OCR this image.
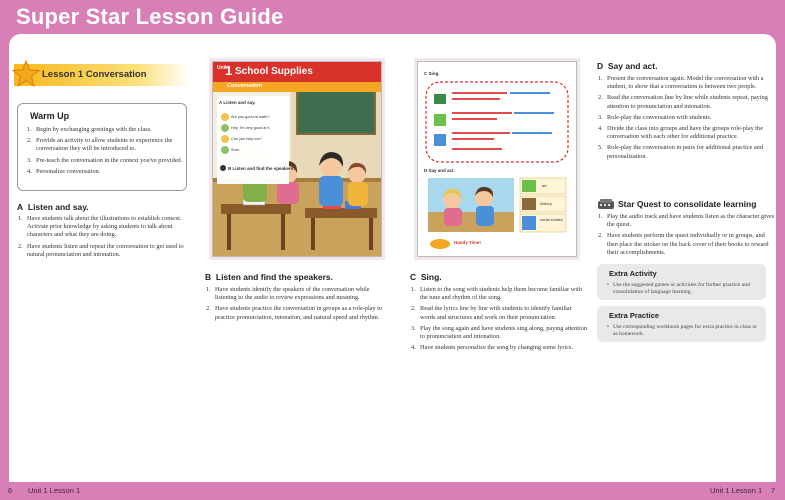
Super Star Lesson Guide
Lesson 1 Conversation
Warm Up
1. Begin by exchanging greetings with the class.
2. Provide an activity to allow students to experience the conversation they will be introduced to.
3. Pre-teach the conversation in the context you've provided.
4. Personalize conversation.
A Listen and say.
1. Have students talk about the illustrations to establish context. Activate prior knowledge by asking students to talk about characters and what they are doing.
2. Have students listen and repeat the conversation to get used to natural pronunciation and intonation.
Unit
1 School Supplies
Conversation
A Listen and say.
Are you good at math?
Hey, I'm very good at it.
Can you help me?
Sure.
B Listen and find the speakers.
B Listen and find the speakers.
1. Have students identify the speakers of the conversation while listening to the audio to review expressions and meaning.
2. Have students practice the conversation in groups as a role-play to practice pronunciation, intonation, and natural speed and rhythm.
C Sing.
D Say and act.
art
history
social studies
Handy Time!
C Sing.
1. Listen to the song with students help them become familiar with the tune and rhythm of the song.
2. Read the lyrics line by line with students to identify familiar words and structures and work on their pronunciation.
3. Play the song again and have students sing along, paying attention to pronunciation and intonation.
4. Have students personalize the song by changing some lyrics.
D Say and act.
1. Present the conversation again. Model the conversation with a student, to show that a conversation is between two people.
2. Read the conversation line by line while students repeat, paying attention to pronunciation and intonation.
3. Role-play the conversation with students.
4. Divide the class into groups and have the groups role-play the conversation with each other for additional practice.
5. Role-play the conversation in pairs for additional practice and personalization.
Star Quest to consolidate learning
1. Play the audio track and have students listen as the character gives the quest.
2. Have students perform the quest individually or in groups, and then place the sticker on the back cover of their books to reward their accomplishments.
Extra Activity
• Use the suggested games or activities for further practice and consolidation of language learning.
Extra Practice
• Use corresponding workbook pages for extra practice in class or as homework.
6 Unit 1 Lesson 1	Unit 1 Lesson 1 7
